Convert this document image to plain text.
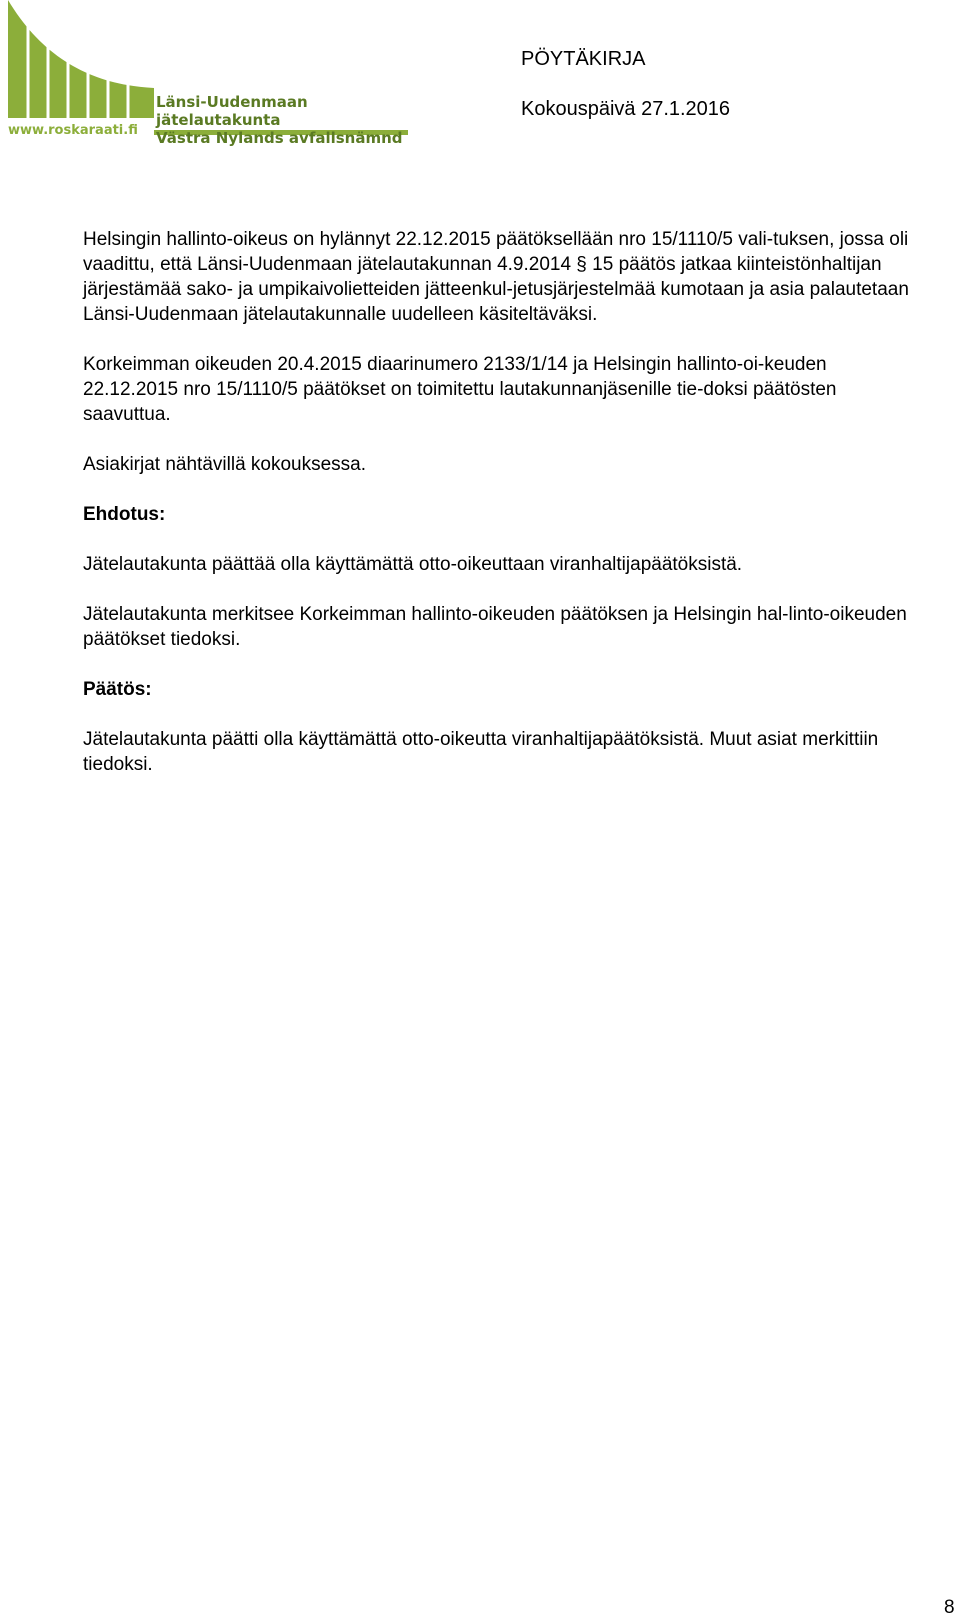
Länsi-Uudenmaan jätelautakunta
Västra Nylands avfallsnämnd
www.roskaraati.fi
PÖYTÄKIRJA
Kokouspäivä 27.1.2016

Helsingin hallinto-oikeus on hylännyt 22.12.2015 päätöksellään nro 15/1110/5 vali-tuksen, jossa oli vaadittu, että Länsi-Uudenmaan jätelautakunnan 4.9.2014 § 15 päätös jatkaa kiinteistönhaltijan järjestämää sako- ja umpikaivolietteiden jätteenkul-jetusjärjestelmää kumotaan ja asia palautetaan Länsi-Uudenmaan jätelautakunnalle uudelleen käsiteltäväksi.

Korkeimman oikeuden 20.4.2015 diaarinumero 2133/1/14 ja Helsingin hallinto-oi-keuden 22.12.2015 nro 15/1110/5 päätökset on toimitettu lautakunnanjäsenille tie-doksi päätösten saavuttua.

Asiakirjat nähtävillä kokouksessa.

Ehdotus:

Jätelautakunta päättää olla käyttämättä otto-oikeuttaan viranhaltijapäätöksistä.

Jätelautakunta merkitsee Korkeimman hallinto-oikeuden päätöksen ja Helsingin hal-linto-oikeuden päätökset tiedoksi.

Päätös:

Jätelautakunta päätti olla käyttämättä otto-oikeutta viranhaltijapäätöksistä. Muut asiat merkittiin tiedoksi.

8
